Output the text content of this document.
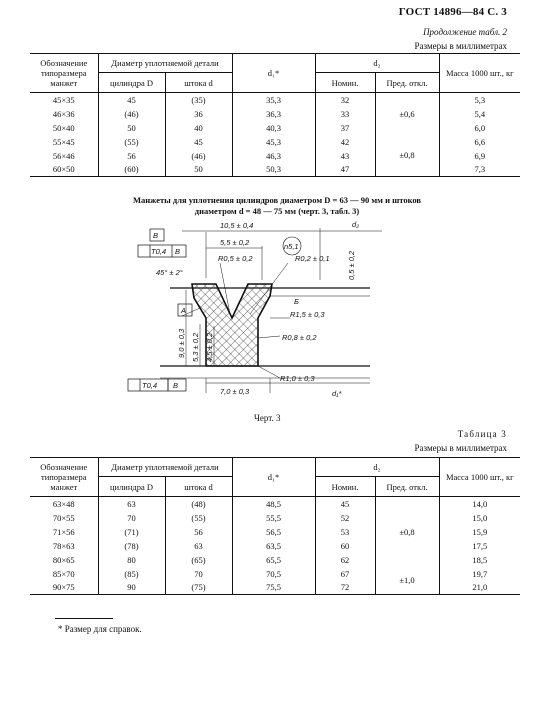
ГОСТ 14896—84 С. 3
Продолжение табл. 2
Размеры в миллиметрах
Обозначение типоразмера манжет	Диаметр уплотняемой детали		d₁*	d₂		Масса 1000 шт., кг
	цилиндра D	штока d		Номин.	Пред. откл.	
45×35	45	(35)	35,3	32	±0,6	5,3
46×36	(46)	36	36,3	33		5,4
50×40	50	40	40,3	37		6,0
55×45	(55)	45	45,3	42	±0,8	6,6
56×46	56	(46)	46,3	43		6,9
60×50	(60)	50	50,3	47		7,3
Манжеты для уплотнения цилиндров диаметром D = 63 — 90 мм и штоков диаметром d = 48 — 75 мм (черт. 3, табл. 3)
10,5 ± 0,4
5,5 ± 0,2
R0,5 ± 0,2	R0,2 ± 0,1
n5,1
d₂
0,5 ± 0,2
45° ± 2°
R1,5 ± 0,3
R0,8 ± 0,2
R1,0 ± 0,3
7,0 ± 0,3	d₁*
9,0 ± 0,3 5,3 ± 0,2 4,5 ± 0,2
B
T0,4 B
T0,4 B
A
Б
Черт. 3
Таблица 3
Размеры в миллиметрах
Обозначение типоразмера манжет	Диаметр уплотняемой детали		d₁*	d₂		Масса 1000 шт., кг
	цилиндра D	штока d		Номин.	Пред. откл.	
63×48	63	(48)	48,5	45	±0,8	14,0
70×55	70	(55)	55,5	52		15,0
71×56	(71)	56	56,5	53		15,9
78×63	(78)	63	63,5	60		17,5
80×65	80	(65)	65,5	62		18,5
85×70	(85)	70	70,5	67	±1,0	19,7
90×75	90	(75)	75,5	72		21,0
* Размер для справок.
